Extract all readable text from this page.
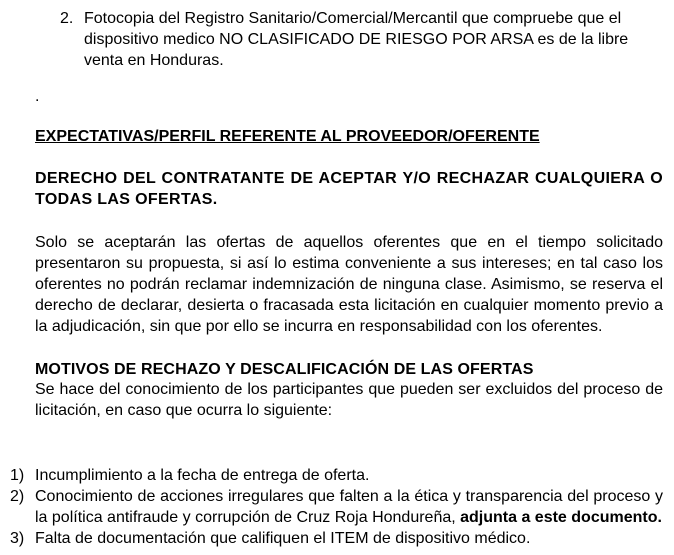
2. Fotocopia del Registro Sanitario/Comercial/Mercantil que compruebe que el dispositivo medico NO CLASIFICADO DE RIESGO POR ARSA es de la libre venta en Honduras.
.
EXPECTATIVAS/PERFIL REFERENTE AL PROVEEDOR/OFERENTE
DERECHO DEL CONTRATANTE DE ACEPTAR Y/O RECHAZAR CUALQUIERA O TODAS LAS OFERTAS.
Solo se aceptarán las ofertas de aquellos oferentes que en el tiempo solicitado presentaron su propuesta, si así lo estima conveniente a sus intereses; en tal caso los oferentes no podrán reclamar indemnización de ninguna clase. Asimismo, se reserva el derecho de declarar, desierta o fracasada esta licitación en cualquier momento previo a la adjudicación, sin que por ello se incurra en responsabilidad con los oferentes.
MOTIVOS DE RECHAZO Y DESCALIFICACIÓN DE LAS OFERTAS
Se hace del conocimiento de los participantes que pueden ser excluidos del proceso de licitación, en caso que ocurra lo siguiente:
1) Incumplimiento a la fecha de entrega de oferta.
2) Conocimiento de acciones irregulares que falten a la ética y transparencia del proceso y la política antifraude y corrupción de Cruz Roja Hondureña, adjunta a este documento.
3) Falta de documentación que califiquen el ITEM de dispositivo médico.
